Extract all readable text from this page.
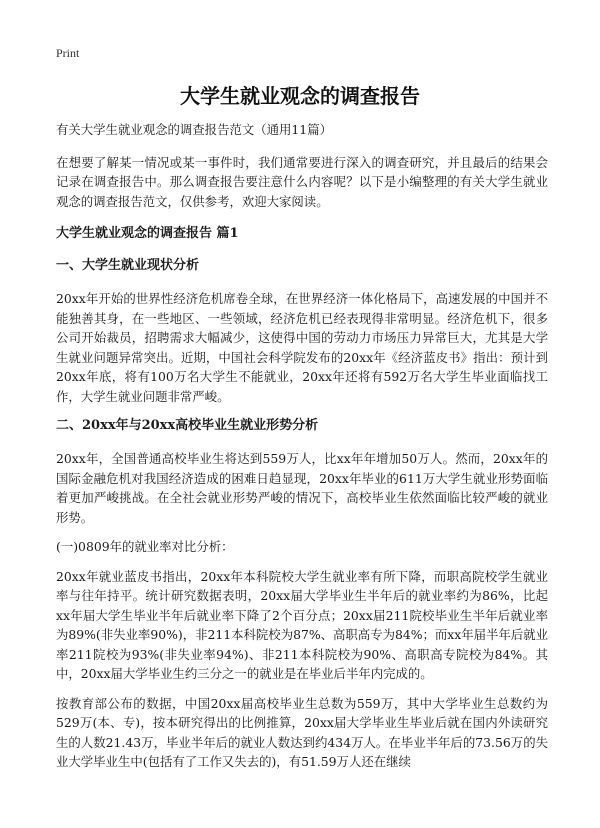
Print
大学生就业观念的调查报告

有关大学生就业观念的调查报告范文（通用11篇）

在想要了解某一情况或某一事件时，我们通常要进行深入的调查研究，并且最后的结果会记录在调查报告中。那么调查报告要注意什么内容呢？以下是小编整理的有关大学生就业观念的调查报告范文，仅供参考，欢迎大家阅读。

大学生就业观念的调查报告 篇1
一、大学生就业现状分析

20xx年开始的世界性经济危机席卷全球，在世界经济一体化格局下，高速发展的中国并不能独善其身，在一些地区、一些领域，经济危机已经表现得非常明显。经济危机下，很多公司开始裁员，招聘需求大幅减少，这使得中国的劳动力市场压力异常巨大，尤其是大学生就业问题异常突出。近期，中国社会科学院发布的20xx年《经济蓝皮书》指出：预计到20xx年底，将有100万名大学生不能就业，20xx年还将有592万名大学生毕业面临找工作，大学生就业问题非常严峻。

二、20xx年与20xx高校毕业生就业形势分析

20xx年，全国普通高校毕业生将达到559万人，比xx年年增加50万人。然而，20xx年的国际金融危机对我国经济造成的困难日趋显现，20xx年毕业的611万大学生就业形势面临着更加严峻挑战。在全社会就业形势严峻的情况下，高校毕业生依然面临比较严峻的就业形势。

(一)0809年的就业率对比分析：

20xx年就业蓝皮书指出，20xx年本科院校大学生就业率有所下降，而职高院校学生就业率与往年持平。统计研究数据表明，20xx届大学毕业生半年后的就业率约为86%，比起xx年届大学生毕业半年后就业率下降了2个百分点；20xx届211院校毕业生半年后就业率为89%(非失业率90%)，非211本科院校为87%、高职高专为84%；而xx年届半年后就业率211院校为93%(非失业率94%)、非211本科院校为90%、高职高专院校为84%。其中，20xx届大学毕业生约三分之一的就业是在毕业后半年内完成的。

按教育部公布的数据，中国20xx届高校毕业生总数为559万，其中大学毕业生总数约为529万(本、专)，按本研究得出的比例推算，20xx届大学毕业生毕业后就在国内外读研究生的人数21.43万，毕业半年后的就业人数达到约434万人。在毕业半年后的73.56万的失业大学毕业生中(包括有了工作又失去的)，有51.59万人还在继续
